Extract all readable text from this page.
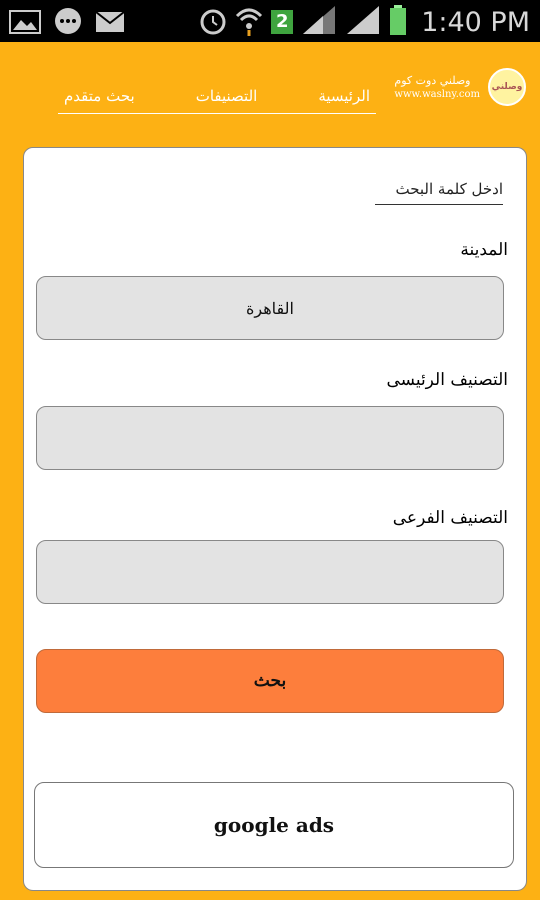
2	1:40 PM
وصلني دوت كوم
www.waslny.com
وصلني
الرئيسية
التصنيفات
بحث متقدم
ادخل كلمة البحث
المدينة
القاهرة
التصنيف الرئيسى
التصنيف الفرعى
بحث
google ads
